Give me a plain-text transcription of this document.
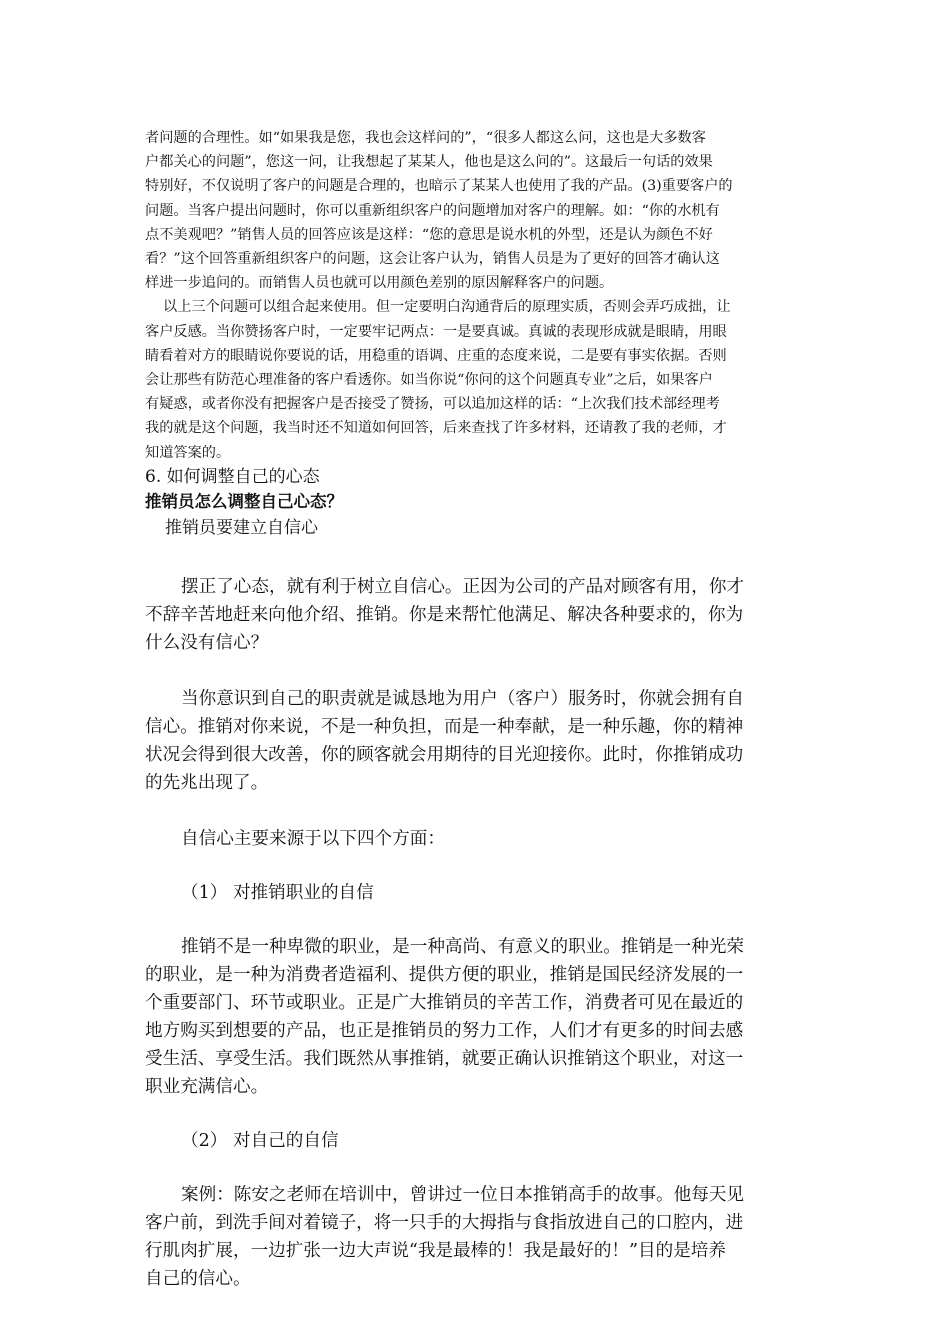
者问题的合理性。如“如果我是您，我也会这样问的”，“很多人都这么问，这也是大多数客
户都关心的问题”，您这一问，让我想起了某某人，他也是这么问的”。这最后一句话的效果
特别好，不仅说明了客户的问题是合理的，也暗示了某某人也使用了我的产品。(3)重要客户的
问题。当客户提出问题时，你可以重新组织客户的问题增加对客户的理解。如：“你的水机有
点不美观吧？”销售人员的回答应该是这样：“您的意思是说水机的外型，还是认为颜色不好
看？”这个回答重新组织客户的问题，这会让客户认为，销售人员是为了更好的回答才确认这
样进一步追问的。而销售人员也就可以用颜色差别的原因解释客户的问题。
以上三个问题可以组合起来使用。但一定要明白沟通背后的原理实质，否则会弄巧成拙，让
客户反感。当你赞扬客户时，一定要牢记两点：一是要真诚。真诚的表现形成就是眼睛，用眼
睛看着对方的眼睛说你要说的话，用稳重的语调、庄重的态度来说，二是要有事实依据。否则
会让那些有防范心理准备的客户看透你。如当你说“你问的这个问题真专业”之后，如果客户
有疑惑，或者你没有把握客户是否接受了赞扬，可以追加这样的话：“上次我们技术部经理考
我的就是这个问题，我当时还不知道如何回答，后来查找了许多材料，还请教了我的老师，才
知道答案的。

6. 如何调整自己的心态

推销员怎么调整自己心态？

推销员要建立自信心

摆正了心态，就有利于树立自信心。正因为公司的产品对顾客有用，你才
不辞辛苦地赶来向他介绍、推销。你是来帮忙他满足、解决各种要求的，你为
什么没有信心？
当你意识到自己的职责就是诚恳地为用户（客户）服务时，你就会拥有自
信心。推销对你来说，不是一种负担，而是一种奉献，是一种乐趣，你的精神
状况会得到很大改善，你的顾客就会用期待的目光迎接你。此时，你推销成功
的先兆出现了。
自信心主要来源于以下四个方面：
（1） 对推销职业的自信
推销不是一种卑微的职业，是一种高尚、有意义的职业。推销是一种光荣
的职业，是一种为消费者造福利、提供方便的职业，推销是国民经济发展的一
个重要部门、环节或职业。正是广大推销员的辛苦工作，消费者可见在最近的
地方购买到想要的产品，也正是推销员的努力工作，人们才有更多的时间去感
受生活、享受生活。我们既然从事推销，就要正确认识推销这个职业，对这一
职业充满信心。
（2） 对自己的自信
案例：陈安之老师在培训中，曾讲过一位日本推销高手的故事。他每天见
客户前，到洗手间对着镜子，将一只手的大拇指与食指放进自己的口腔内，进
行肌肉扩展，一边扩张一边大声说“我是最棒的！我是最好的！”目的是培养
自己的信心。
